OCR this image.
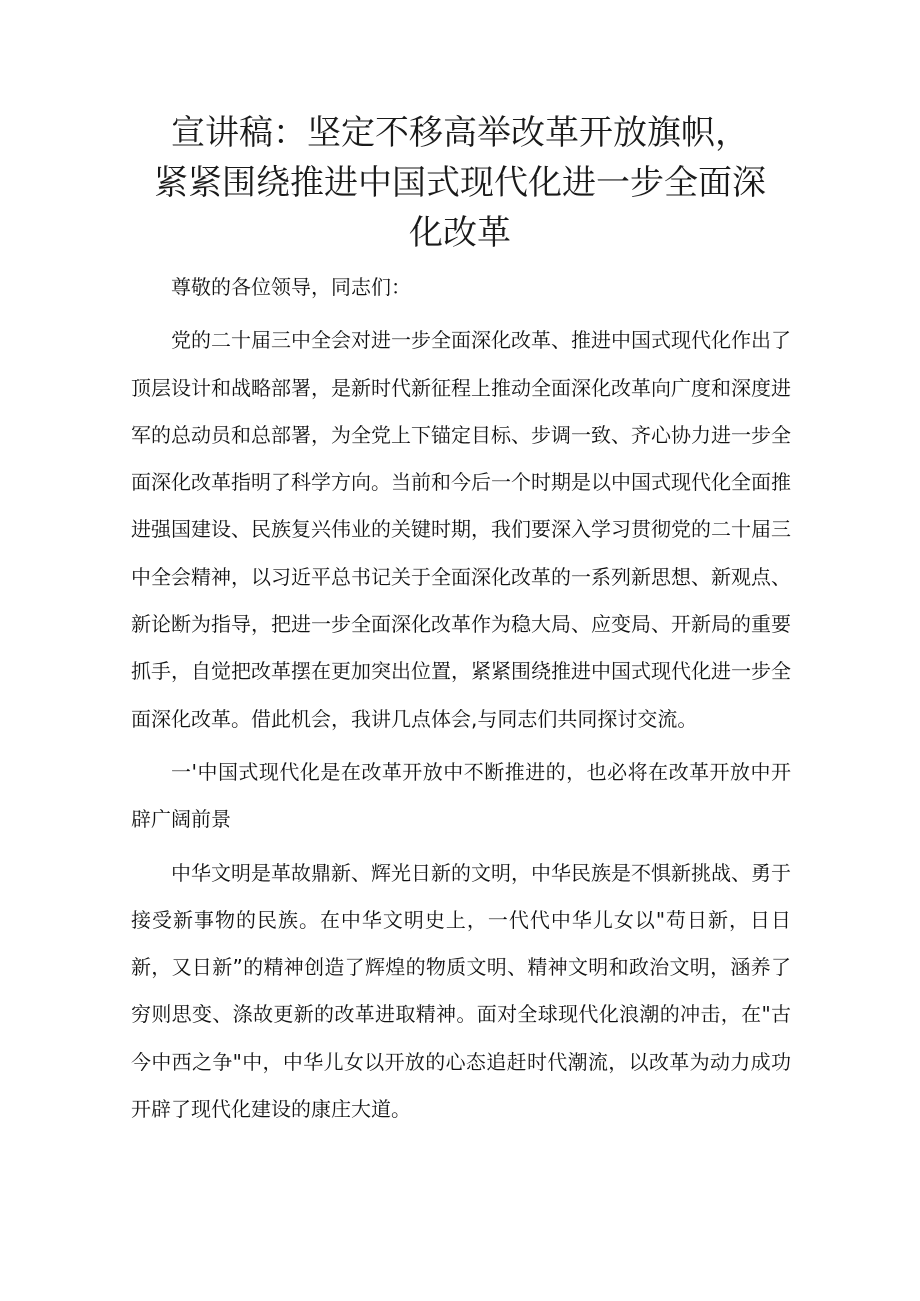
宣讲稿：坚定不移高举改革开放旗帜，
紧紧围绕推进中国式现代化进一步全面深
化改革

尊敬的各位领导，同志们：

党的二十届三中全会对进一步全面深化改革、推进中国式现代化作出了顶层设计和战略部署，是新时代新征程上推动全面深化改革向广度和深度进军的总动员和总部署，为全党上下锚定目标、步调一致、齐心协力进一步全面深化改革指明了科学方向。当前和今后一个时期是以中国式现代化全面推进强国建设、民族复兴伟业的关键时期，我们要深入学习贯彻党的二十届三中全会精神，以习近平总书记关于全面深化改革的一系列新思想、新观点、新论断为指导，把进一步全面深化改革作为稳大局、应变局、开新局的重要抓手，自觉把改革摆在更加突出位置，紧紧围绕推进中国式现代化进一步全面深化改革。借此机会，我讲几点体会,与同志们共同探讨交流。

一'中国式现代化是在改革开放中不断推进的，也必将在改革开放中开辟广阔前景

中华文明是革故鼎新、辉光日新的文明，中华民族是不惧新挑战、勇于接受新事物的民族。在中华文明史上，一代代中华儿女以"苟日新，日日新，又日新”的精神创造了辉煌的物质文明、精神文明和政治文明，涵养了穷则思变、涤故更新的改革进取精神。面对全球现代化浪潮的冲击，在"古今中西之争"中，中华儿女以开放的心态追赶时代潮流，以改革为动力成功开辟了现代化建设的康庄大道。
